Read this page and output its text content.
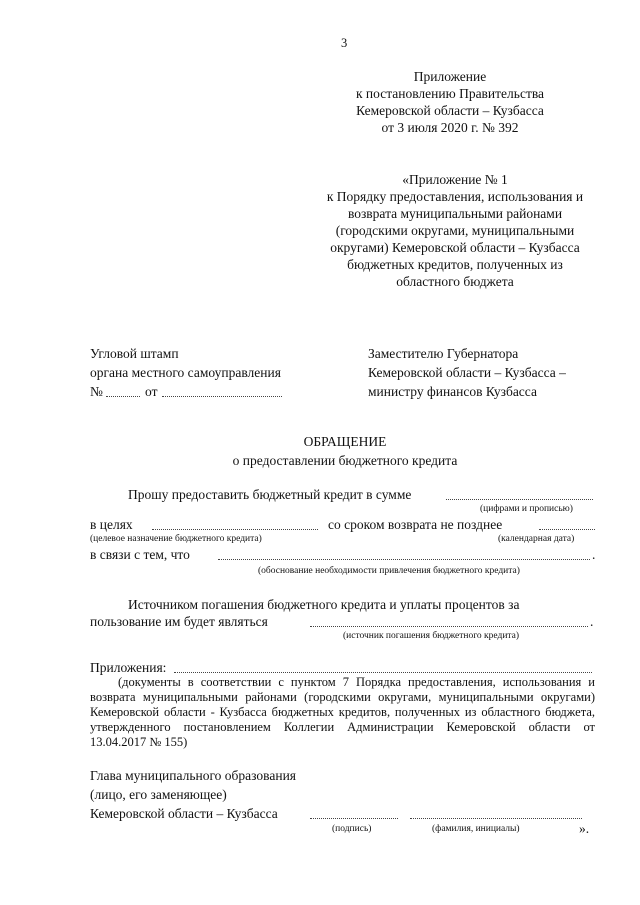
3
Приложение
к постановлению Правительства
Кемеровской области – Кузбасса
от 3 июля 2020 г. № 392
«Приложение № 1
к Порядку предоставления, использования и
возврата муниципальными районами
(городскими округами, муниципальными
округами) Кемеровской области – Кузбасса
бюджетных кредитов, полученных из
областного бюджета
Угловой штамп
органа местного самоуправления
№	от
Заместителю Губернатора
Кемеровской области – Кузбасса –
министру финансов Кузбасса
ОБРАЩЕНИЕ
о предоставлении бюджетного кредита
Прошу предоставить бюджетный кредит в сумме
(цифрами и прописью)
в целях	со сроком возврата не позднее
(целевое назначение бюджетного кредита)	(календарная дата)
в связи с тем, что	.
(обоснование необходимости привлечения бюджетного кредита)
Источником погашения бюджетного кредита и уплаты процентов за
пользование им будет являться	.
(источник погашения бюджетного кредита)
Приложения:
(документы в соответствии с пунктом 7 Порядка предоставления, использования и возврата муниципальными районами (городскими округами, муниципальными округами) Кемеровской области - Кузбасса бюджетных кредитов, полученных из областного бюджета, утвержденного постановлением Коллегии Администрации Кемеровской области от 13.04.2017 № 155)
Глава муниципального образования
(лицо, его заменяющее)
Кемеровской области – Кузбасса
(подпись)	(фамилия, инициалы)	».
